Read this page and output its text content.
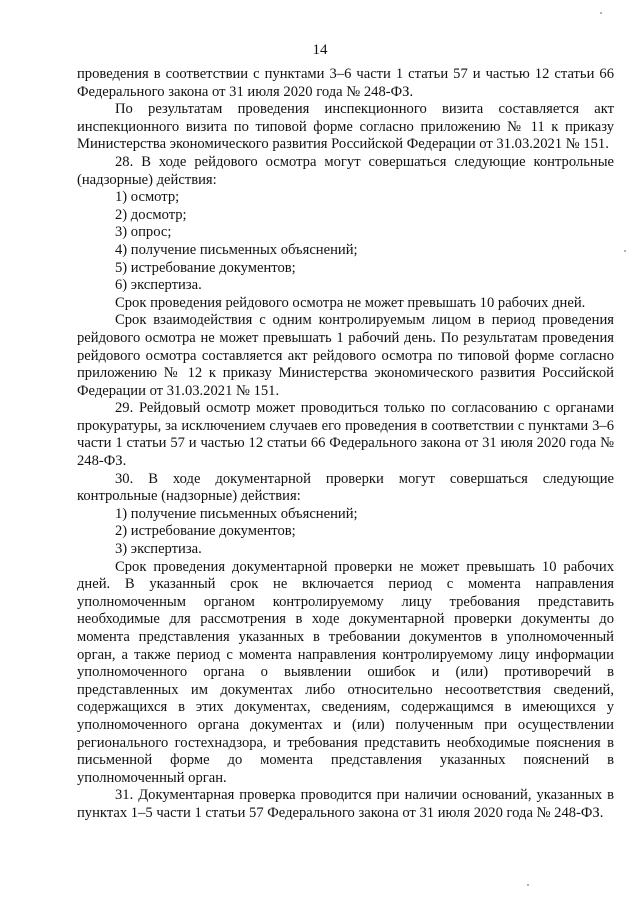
14

проведения в соответствии с пунктами 3–6 части 1 статьи 57 и частью 12 статьи 66 Федерального закона от 31 июля 2020 года № 248-ФЗ.

По результатам проведения инспекционного визита составляется акт инспекционного визита по типовой форме согласно приложению № 11 к приказу Министерства экономического развития Российской Федерации от 31.03.2021 № 151.

28. В ходе рейдового осмотра могут совершаться следующие контрольные (надзорные) действия:

1) осмотр;

2) досмотр;

3) опрос;

4) получение письменных объяснений;

5) истребование документов;

6) экспертиза.

Срок проведения рейдового осмотра не может превышать 10 рабочих дней.

Срок взаимодействия с одним контролируемым лицом в период проведения рейдового осмотра не может превышать 1 рабочий день. По результатам проведения рейдового осмотра составляется акт рейдового осмотра по типовой форме согласно приложению № 12 к приказу Министерства экономического развития Российской Федерации от 31.03.2021 № 151.

29. Рейдовый осмотр может проводиться только по согласованию с органами прокуратуры, за исключением случаев его проведения в соответствии с пунктами 3–6 части 1 статьи 57 и частью 12 статьи 66 Федерального закона от 31 июля 2020 года № 248-ФЗ.

30. В ходе документарной проверки могут совершаться следующие контрольные (надзорные) действия:

1) получение письменных объяснений;

2) истребование документов;

3) экспертиза.

Срок проведения документарной проверки не может превышать 10 рабочих дней. В указанный срок не включается период с момента направления уполномоченным органом контролируемому лицу требования представить необходимые для рассмотрения в ходе документарной проверки документы до момента представления указанных в требовании документов в уполномоченный орган, а также период с момента направления контролируемому лицу информации уполномоченного органа о выявлении ошибок и (или) противоречий в представленных им документах либо относительно несоответствия сведений, содержащихся в этих документах, сведениям, содержащимся в имеющихся у уполномоченного органа документах и (или) полученным при осуществлении регионального гостехнадзора, и требования представить необходимые пояснения в письменной форме до момента представления указанных пояснений в уполномоченный орган.

31. Документарная проверка проводится при наличии оснований, указанных в пунктах 1–5 части 1 статьи 57 Федерального закона от 31 июля 2020 года № 248-ФЗ.
